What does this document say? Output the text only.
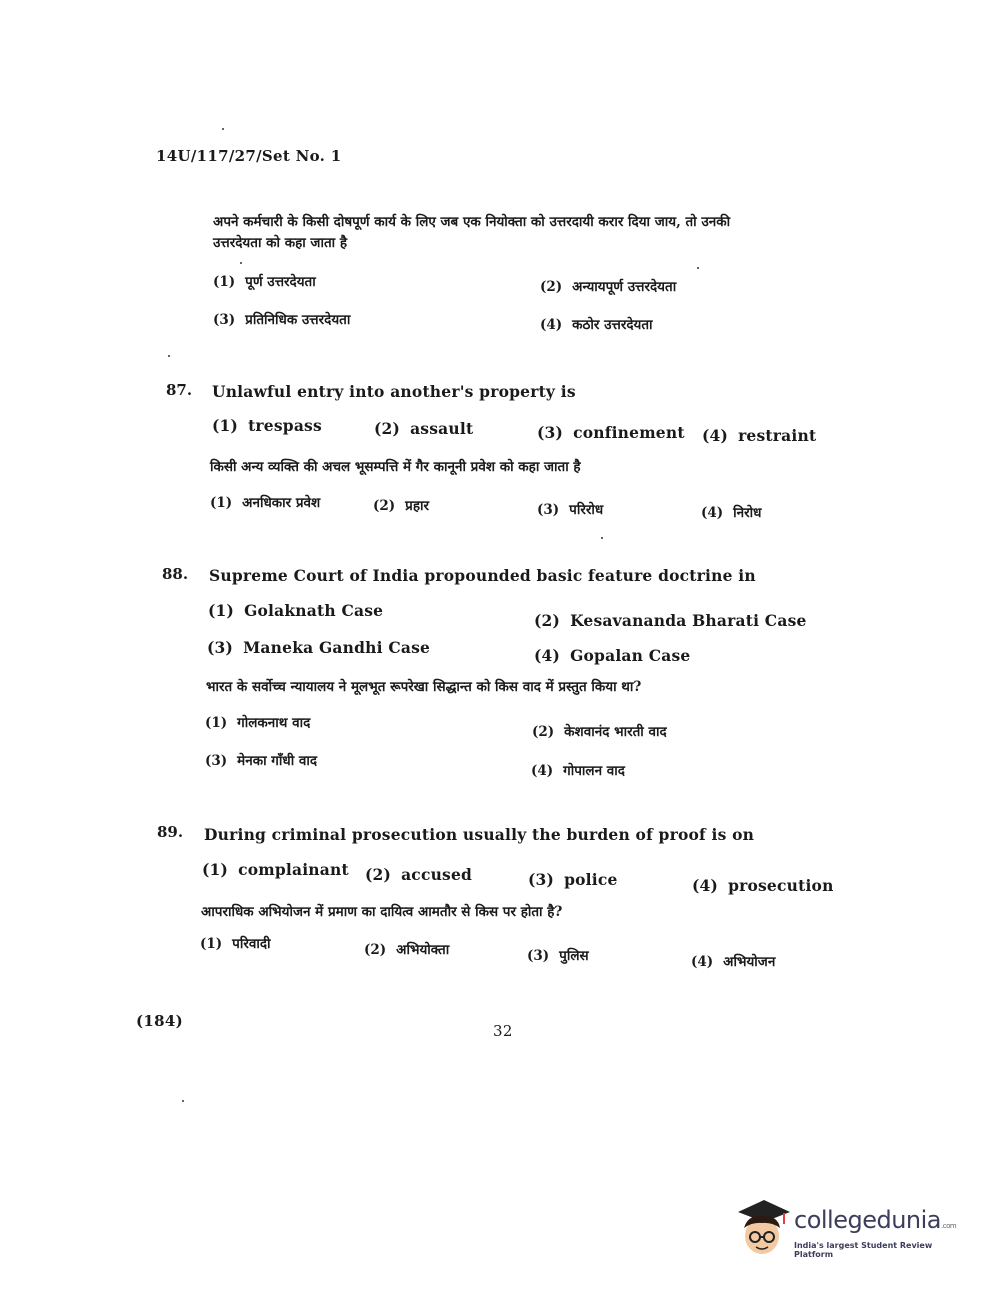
14U/117/27/Set No. 1
अपने कर्मचारी के किसी दोषपूर्ण कार्य के लिए जब एक नियोक्ता को उत्तरदायी करार दिया जाय, तो उनकी
उत्तरदेयता को कहा जाता है
(1) पूर्ण उत्तरदेयता	(2) अन्यायपूर्ण उत्तरदेयता
(3) प्रतिनिधिक उत्तरदेयता	(4) कठोर उत्तरदेयता
87. Unlawful entry into another's property is
(1) trespass	(2) assault	(3) confinement (4) restraint
किसी अन्य व्यक्ति की अचल भूसम्पत्ति में गैर कानूनी प्रवेश को कहा जाता है
(1) अनधिकार प्रवेश	(2) प्रहार	(3) परिरोध	(4) निरोध
88. Supreme Court of India propounded basic feature doctrine in
(1) Golaknath Case
(2) Kesavananda Bharati Case
(3) Maneka Gandhi Case	(4) Gopalan Case
भारत के सर्वोच्च न्यायालय ने मूलभूत रूपरेखा सिद्धान्त को किस वाद में प्रस्तुत किया था?
(1) गोलकनाथ वाद
(2) केशवानंद भारती वाद
(3) मेनका गाँधी वाद
(4) गोपालन वाद
89. During criminal prosecution usually the burden of proof is on
(1) complainant (2) accused	(3) police	(4) prosecution
आपराधिक अभियोजन में प्रमाण का दायित्व आमतौर से किस पर होता है?
(1) परिवादी	(2) अभियोक्ता	(3) पुलिस	(4) अभियोजन
(184)
32
collegedunia.com
India's largest Student Review Platform
